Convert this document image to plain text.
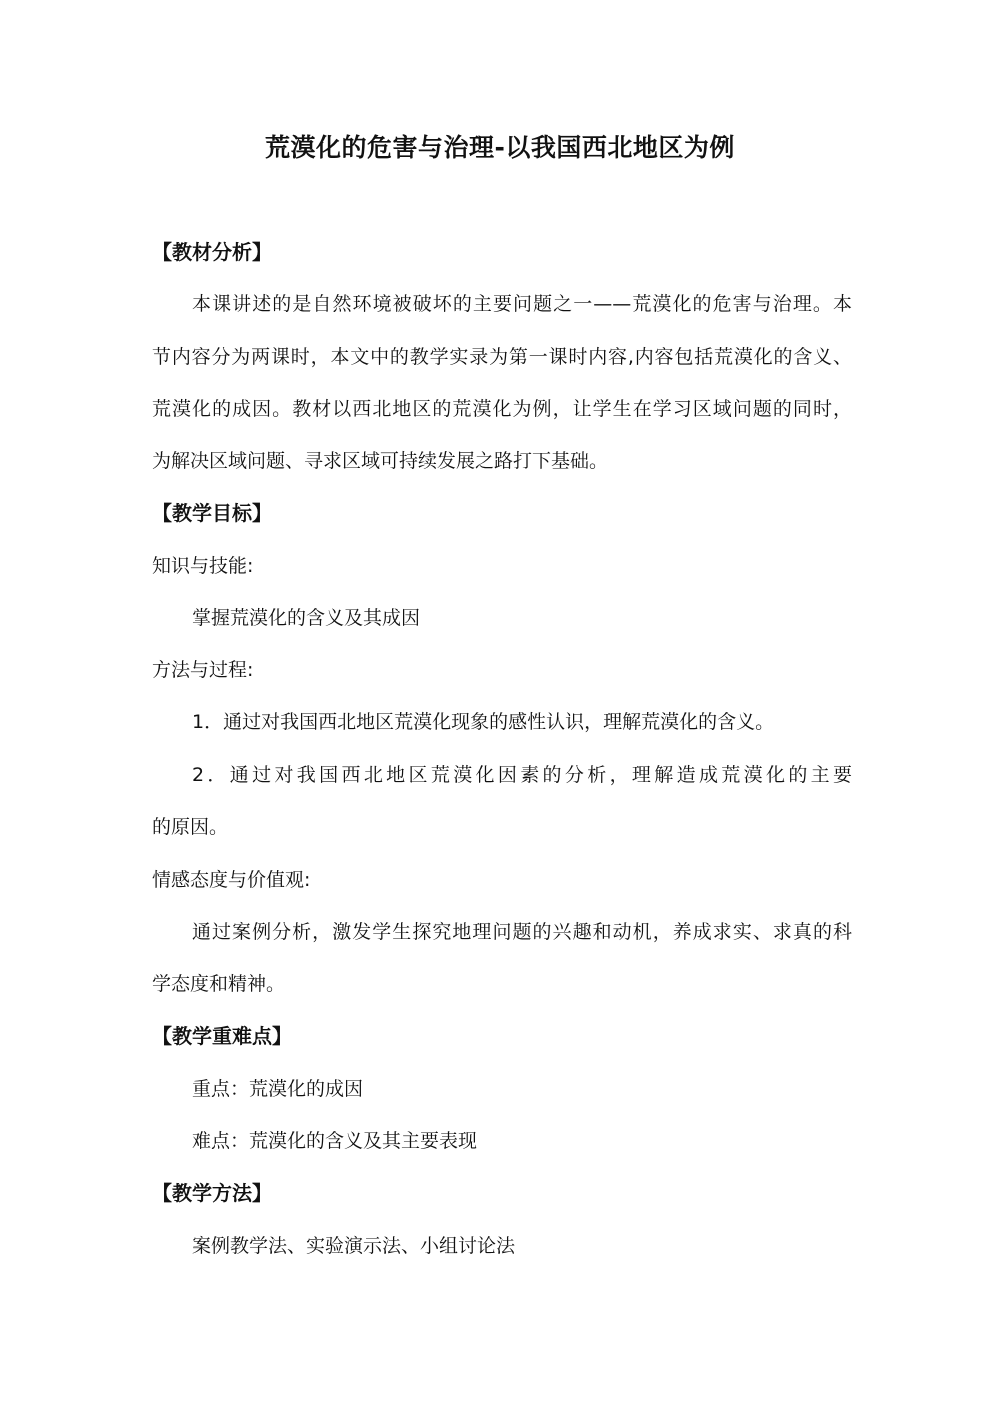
荒漠化的危害与治理-以我国西北地区为例
【教材分析】
本课讲述的是自然环境被破坏的主要问题之一——荒漠化的危害与治理。本
节内容分为两课时，本文中的教学实录为第一课时内容,内容包括荒漠化的含义、
荒漠化的成因。教材以西北地区的荒漠化为例，让学生在学习区域问题的同时，
为解决区域问题、寻求区域可持续发展之路打下基础。
【教学目标】
知识与技能:
掌握荒漠化的含义及其成因
方法与过程:
1．通过对我国西北地区荒漠化现象的感性认识，理解荒漠化的含义。
2．通过对我国西北地区荒漠化因素的分析，理解造成荒漠化的主要
的原因。
情感态度与价值观:
通过案例分析，激发学生探究地理问题的兴趣和动机，养成求实、求真的科
学态度和精神。
【教学重难点】
重点：荒漠化的成因
难点：荒漠化的含义及其主要表现
【教学方法】
案例教学法、实验演示法、小组讨论法
